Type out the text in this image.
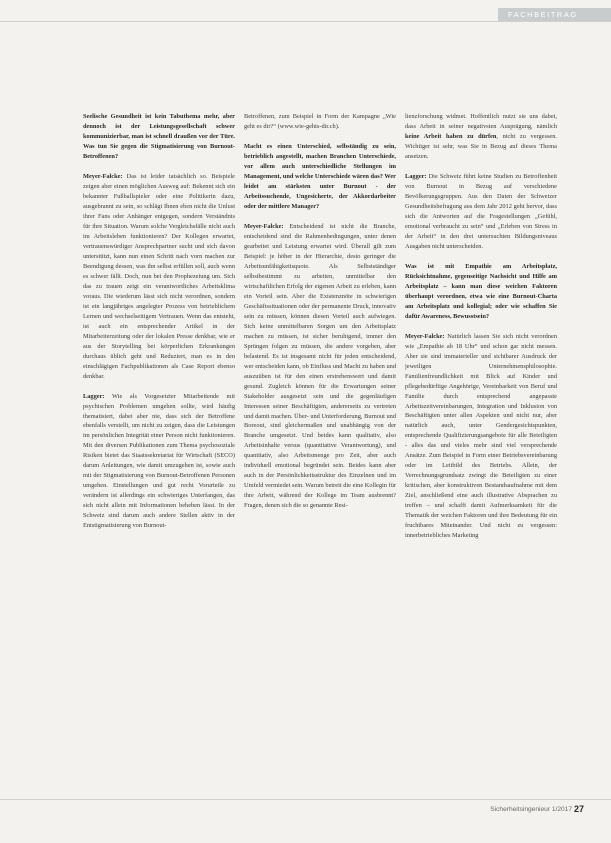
FACHBEITRAG

Seelische Gesundheit ist kein Tabuthema mehr, aber dennoch ist der Leistungsgesellschaft schwer kommunizierbar, man ist schnell draußen vor der Türe. Was tun Sie gegen die Stigmatisierung von Burnout-Betroffenen?

Meyer-Falcke: Das ist leider tatsächlich so. Beispiele zeigen aber einen möglichen Ausweg auf: Bekennt sich ein bekannter Fußballspieler oder eine Politikerin dazu, ausgebrannt zu sein, so schlägt Ihnen eben nicht die Unlust ihrer Fans oder Anhänger entgegen, sondern Verständnis für ihre Situation. Warum solche Vergleichsfälle nicht auch im Arbeitsleben funktionieren? Der Kollegen erwartet, vertrauenswürdiger Ansprechpartner sucht und sich davon unterstützt, kann nun einen Schritt nach vorn machen zur Beendigung dessen, was ihn selbst erfüllen soll, auch wenn es schwer fällt. Doch, nun bei den Prophezeiung um. Sich das zu trauen zeigt ein verantwortliches Arbeitsklima voraus. Die wiederum lässt sich nicht verordnen, sondern ist ein langjähriges angelegter Prozess von betrieblichem Lernen und wechselseitigem Vertrauen. Wenn das entsteht, ist auch ein entsprechender Artikel in der Mitarbeiterzeitung oder der lokalen Presse denkbar, wie er aus der Storytelling bei körperlichen Erkrankungen durchaus üblich geht und Reduziert, man es in den einschlägigen Fachpublikationen als Case Report ebenso denkbar.

Lagger: Wie als Vorgesetzter Mitarbeitende mit psychischen Problemen umgehen sollte, wird häufig thematisiert, dabei aber nie, dass sich der Betroffene ebenfalls verstellt, um nicht zu zeigen, dass die Leistungen im persönlichen Integrität einer Person nicht funktionieren. Mit den diversen Publikationen zum Thema psychosoziale Risiken bietet das Staatssekretariat für Wirtschaft (SECO) darum Anleitungen, wie damit umzugehen ist, sowie auch mit der Stigmatisierung von Burnout-Betroffenen Personen umgehen. Einstellungen und gut recht Vorurteile zu verändern ist allerdings ein schwieriges Unterfangen, das sich nicht allein mit Informationen beheben lässt. In der Schweiz sind darum auch andere Stellen aktiv in der Entstigmatisierung von Burnout-

Betroffenen, zum Beispiel in Form der Kampagne „Wie geht es dir?“ (www.wie-gehts-dir.ch).

Macht es einen Unterschied, selbständig zu sein, betrieblich angestellt, machen Branchen Unterschiede, vor allem auch unterschiedliche Stellungen im Management, und welche Unterschiede wären das? Wer leidet am stärksten unter Burnout - der Arbeitssuchende, Ungesicherte, der Akkordarbeiter oder der mittlere Manager?

Meyer-Falcke: Entscheidend ist nicht die Branche, entscheidend sind die Rahmenbedingungen, unter denen gearbeitet und Leistung erwartet wird. Überall gilt zum Beispiel: je höher in der Hierarchie, desto geringer die Arbeitsunfähigkeitsquote. Als Selbstständiger selbstbestimmt zu arbeiten, unmittelbar den wirtschaftlichen Erfolg der eigenen Arbeit zu erleben, kann ein Vorteil sein. Aber die Existenznöte in schwierigen Geschäftssituationen oder der permanente Druck, innovativ sein zu müssen, können diesen Vorteil auch aufwiegen. Sich keine unmittelbaren Sorgen um den Arbeitsplatz machen zu müssen, ist sicher beruhigend, immer den Sprüngen folgen zu müssen, die andere vorgeben, aber belastend. Es ist insgesamt nicht für jeden entscheidend, wer entscheiden kann, ob Einfluss und Macht zu haben und auszuüben ist für den einen erstrebenswert und damit gesund. Zugleich können für die Erwartungen seiner Stakeholder ausgesetzt sein und die gegenläufigen Interessen seiner Beschäftigten, andererseits zu vertreten und damit machen. Über- und Unterforderung, Burnout und Boreout, sind gleichermaßen und unabhängig von der Branche umgesetzt. Und beides kann qualitativ, also Arbeitsinhalte versus (quantitative Verantwortung), und quantitativ, also Arbeitsmenge pro Zeit, aber auch individuell emotional begründet sein. Beides kann aber auch in der Persönlichkeitsstruktur des Einzelnen und im Umfeld vermiedet sein. Warum betreit die eine Kollegin für ihre Arbeit, während der Kollege im Team ausbrennt? Fragen, denen sich die so genannte Resi-

lienzforschung widmet. Hoffentlich nutzt sie uns dabei, dass Arbeit in seiner negativsten Ausprägung, nämlich keine Arbeit haben zu dürfen, nicht zu vergessen. Wichtiger ist sehr, was Sie in Bezug auf dieses Thema ansetzen.

Lagger: Die Schweiz führt keine Studien zu Betroffenheit von Burnout in Bezug auf verschiedene Bevölkerungsgruppen. Aus den Daten der Schweizer Gesundheitsbefragung aus dem Jahr 2012 geht hervor, dass sich die Antworten auf die Fragestellungen „Gefühl, emotional verbraucht zu sein“ und „Erleben von Stress in der Arbeit“ in den drei untersuchten Bildungsniveaus Ausgaben nicht unterscheiden.

Was ist mit Empathie am Arbeitsplatz, Rücksichtnahme, gegenseitige Nachsicht und Hilfe am Arbeitsplatz – kann man diese weichen Faktoren überhaupt verordnen, etwa wie eine Burnout-Charta am Arbeitsplatz und kollegial; oder wie schaffen Sie dafür Awareness, Bewusstsein?

Meyer-Falcke: Natürlich lassen Sie sich nicht verordnen wie „Empathie ab 18 Uhr“ und schon gar nicht messen. Aber sie sind immaterieller und sichtbarer Ausdruck der jeweiligen Unternehmensphilosophie. Familienfreundlichkeit mit Blick auf Kinder und pflegebedürftige Angehörige, Vereinbarkeit von Beruf und Familie durch entsprechend angepasste Arbeitszeitvereinbarungen, Integration und Inklusion von Beschäftigten unter allen Aspekten und nicht nur, aber natürlich auch, unter Gendergesichtspunkten, entsprechende Qualifizierungsangebote für alle Beteiligten - alles das und vieles mehr sind viel versprechende Ansätze. Zum Beispiel in Form einer Betriebsvereinbarung oder im Leitbild des Betriebs. Allein, der Verrechnungsgrundsatz zwingt die Beteiligten zu einer kritischen, aber konstruktiven Bestandsaufnahme mit dem Ziel, anschließend eine auch illustrative Absprachen zu treffen – und schafft damit Aufmerksamkeit für die Thematik der weichen Faktoren und ihre Bedeutung für ein fruchtbares Miteinander. Und nicht zu vergessen: innerbetriebliches Marketing

Sicherheitsingenieur 1/2017 27
